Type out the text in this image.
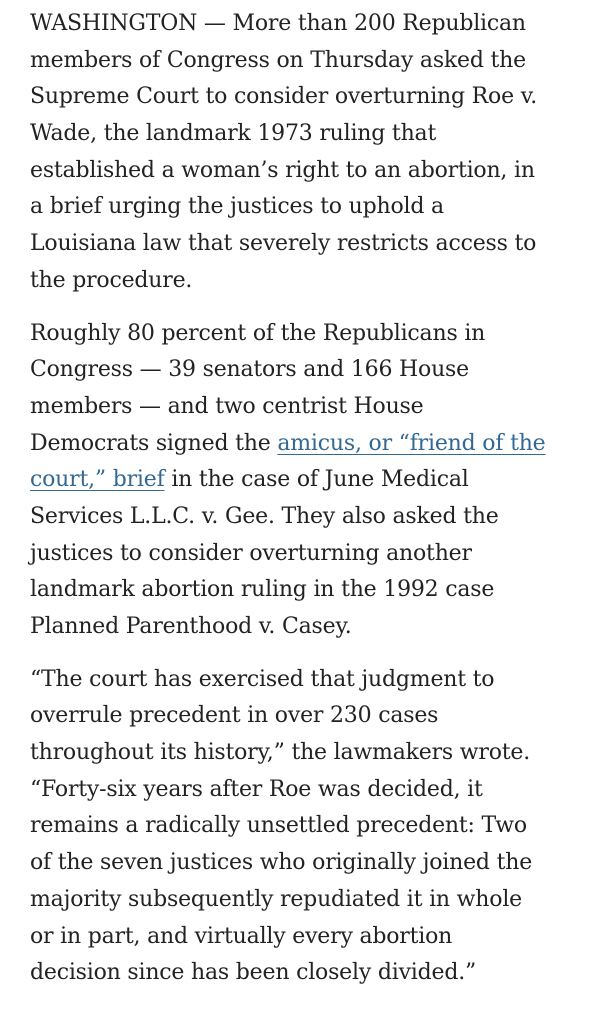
WASHINGTON — More than 200 Republican
members of Congress on Thursday asked the
Supreme Court to consider overturning Roe v.
Wade, the landmark 1973 ruling that
established a woman’s right to an abortion, in
a brief urging the justices to uphold a
Louisiana law that severely restricts access to
the procedure.

Roughly 80 percent of the Republicans in
Congress — 39 senators and 166 House
members — and two centrist House
Democrats signed the amicus, or “friend of the
court,” brief in the case of June Medical
Services L.L.C. v. Gee. They also asked the
justices to consider overturning another
landmark abortion ruling in the 1992 case
Planned Parenthood v. Casey.

“The court has exercised that judgment to
overrule precedent in over 230 cases
throughout its history,” the lawmakers wrote.
“Forty-six years after Roe was decided, it
remains a radically unsettled precedent: Two
of the seven justices who originally joined the
majority subsequently repudiated it in whole
or in part, and virtually every abortion
decision since has been closely divided.”
